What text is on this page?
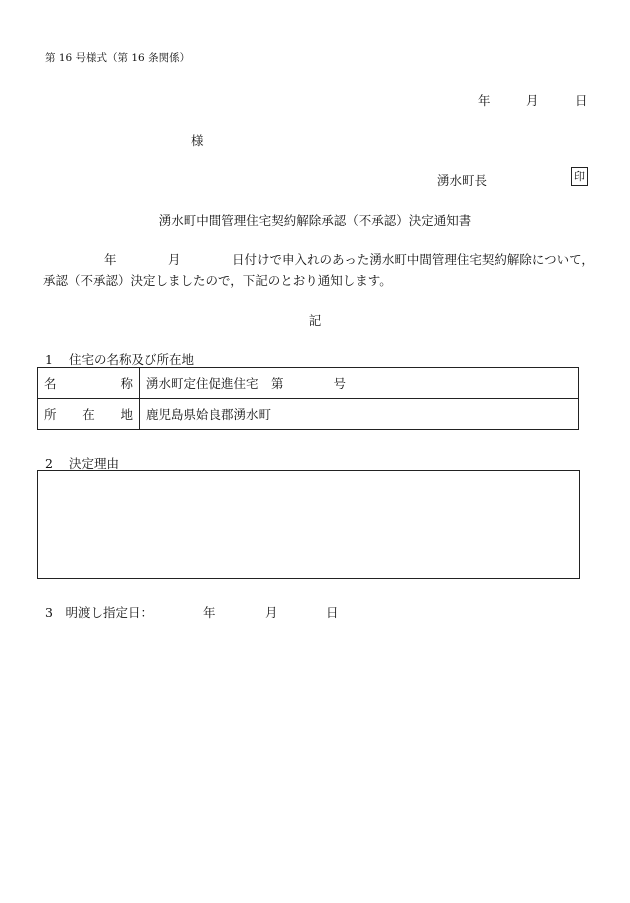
第 16 号様式（第 16 条関係）
年	月	日
様
湧水町長	印
湧水町中間管理住宅契約解除承認（不承認）決定通知書
年	月	日付けで申入れのあった湧水町中間管理住宅契約解除について，
承認（不承認）決定しましたので，下記のとおり通知します。
記
1 住宅の名称及び所在地
名称	湧水町定住促進住宅　第　　　　号
所在地	鹿児島県姶良郡湧水町
2 決定理由
3　明渡し指定日：	年	月	日
